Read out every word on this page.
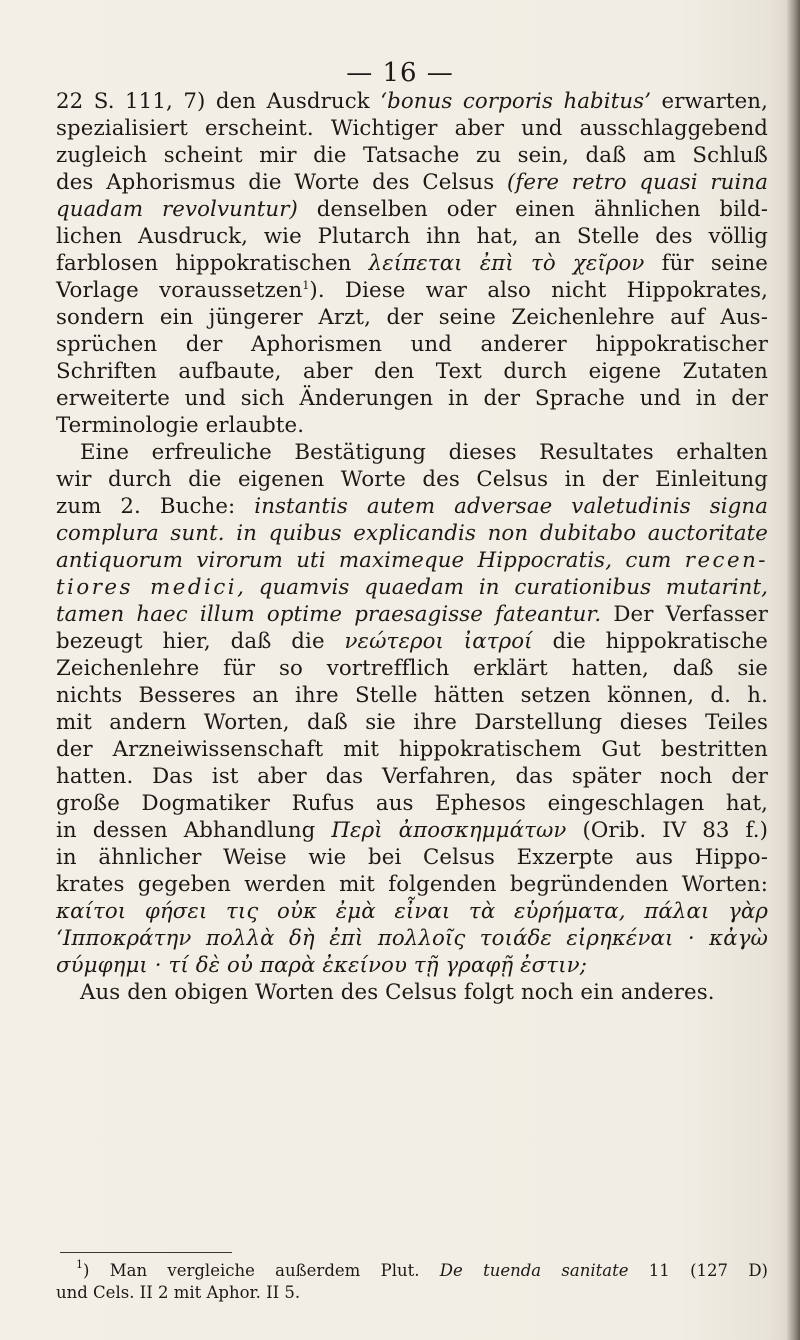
— 16 —
22 S. 111, 7) den Ausdruck ‘bonus corporis habitus’ erwarten,
spezialisiert erscheint. Wichtiger aber und ausschlaggebend
zugleich scheint mir die Tatsache zu sein, daß am Schluß
des Aphorismus die Worte des Celsus (fere retro quasi ruina
quadam revolvuntur) denselben oder einen ähnlichen bild-
lichen Ausdruck, wie Plutarch ihn hat, an Stelle des völlig
farblosen hippokratischen λείπεται ἐπὶ τὸ χεῖρον für seine
Vorlage voraussetzen$^1$). Diese war also nicht Hippokrates,
sondern ein jüngerer Arzt, der seine Zeichenlehre auf Aus-
sprüchen der Aphorismen und anderer hippokratischer
Schriften aufbaute, aber den Text durch eigene Zutaten
erweiterte und sich Änderungen in der Sprache und in der
Terminologie erlaubte.
Eine erfreuliche Bestätigung dieses Resultates erhalten
wir durch die eigenen Worte des Celsus in der Einleitung
zum 2. Buche: instantis autem adversae valetudinis signa
complura sunt. in quibus explicandis non dubitabo auctoritate
antiquorum virorum uti maximeque Hippocratis, cum recen-
tiores medici, quamvis quaedam in curationibus mutarint,
tamen haec illum optime praesagisse fateantur. Der Verfasser
bezeugt hier, daß die νεώτεροι ἰατροί die hippokratische
Zeichenlehre für so vortrefflich erklärt hatten, daß sie
nichts Besseres an ihre Stelle hätten setzen können, d. h.
mit andern Worten, daß sie ihre Darstellung dieses Teiles
der Arzneiwissenschaft mit hippokratischem Gut bestritten
hatten. Das ist aber das Verfahren, das später noch der
große Dogmatiker Rufus aus Ephesos eingeschlagen hat,
in dessen Abhandlung Περὶ ἀποσκημμάτων (Orib. IV 83 f.)
in ähnlicher Weise wie bei Celsus Exzerpte aus Hippo-
krates gegeben werden mit folgenden begründenden Worten:
καίτοι φήσει τις οὐκ ἐμὰ εἶναι τὰ εὑρήματα, πάλαι γὰρ
‘Ιπποκράτην πολλὰ δὴ ἐπὶ πολλοῖς τοιάδε εἰρηκέναι · κἀγὼ
σύμφημι · τί δὲ οὐ παρὰ ἐκείνου τῇ γραφῇ ἐστιν;
Aus den obigen Worten des Celsus folgt noch ein anderes.
$^1$) Man vergleiche außerdem Plut. De tuenda sanitate 11 (127 D)
und Cels. II 2 mit Aphor. II 5.
